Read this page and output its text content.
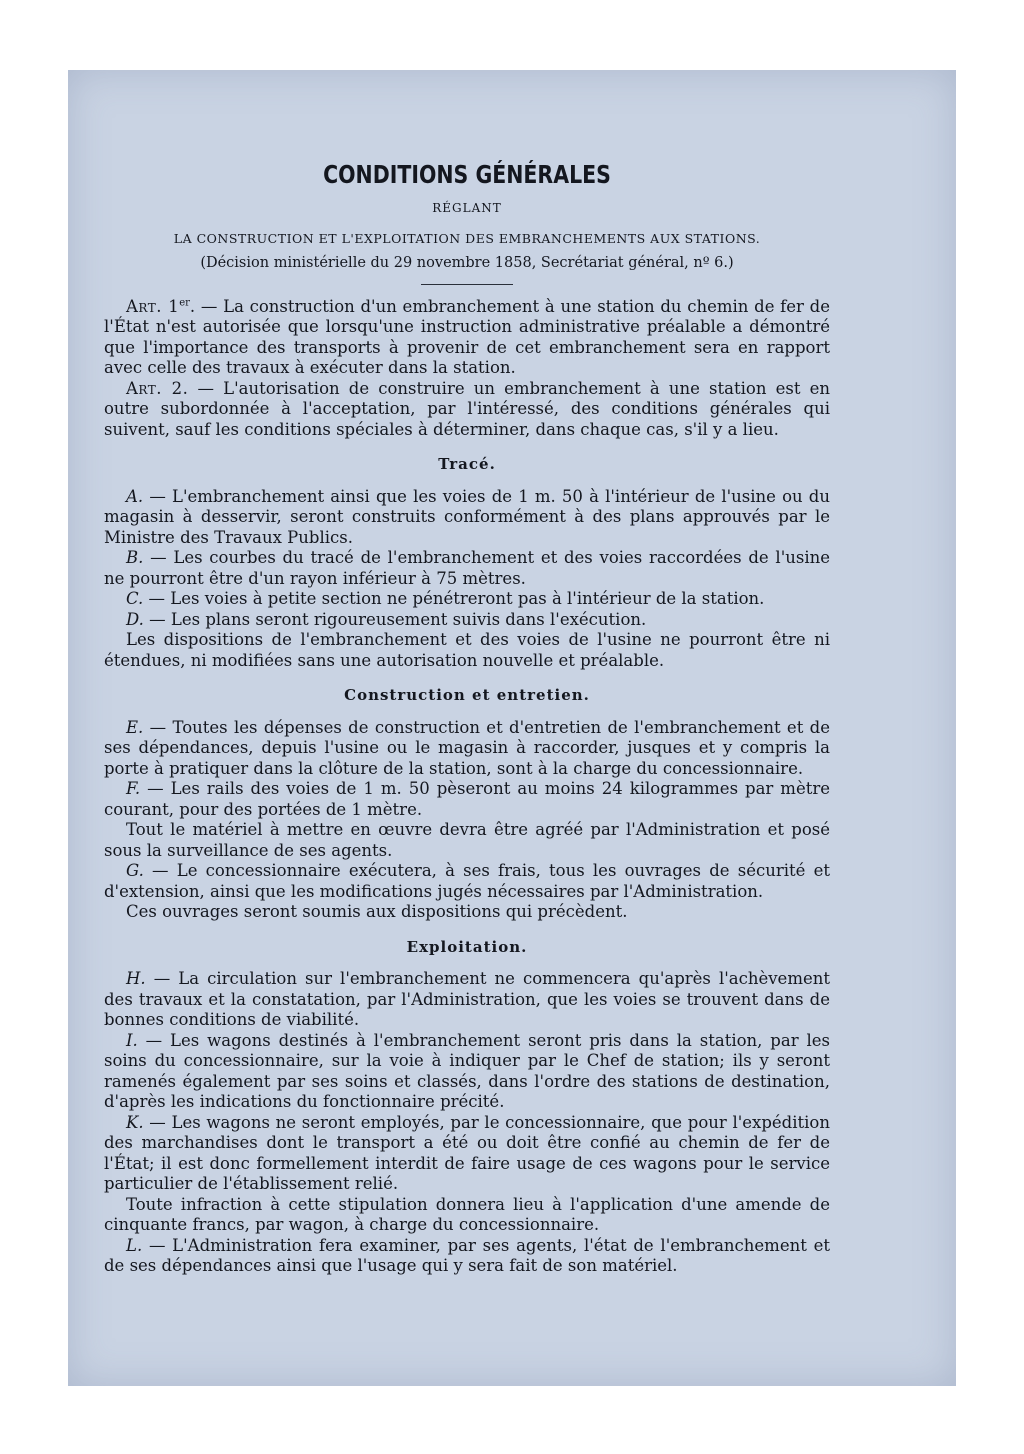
CONDITIONS GÉNÉRALES
RÉGLANT
LA CONSTRUCTION ET L'EXPLOITATION DES EMBRANCHEMENTS AUX STATIONS.
(Décision ministérielle du 29 novembre 1858, Secrétariat général, nº 6.)

Art. 1er. — La construction d'un embranchement à une station du chemin de fer de l'État n'est autorisée que lorsqu'une instruction administrative préalable a démontré que l'importance des transports à provenir de cet embranchement sera en rapport avec celle des travaux à exécuter dans la station.

Art. 2. — L'autorisation de construire un embranchement à une station est en outre subordonnée à l'acceptation, par l'intéressé, des conditions générales qui suivent, sauf les conditions spéciales à déterminer, dans chaque cas, s'il y a lieu.

Tracé.

A. — L'embranchement ainsi que les voies de 1 m. 50 à l'intérieur de l'usine ou du magasin à desservir, seront construits conformément à des plans approuvés par le Ministre des Travaux Publics.

B. — Les courbes du tracé de l'embranchement et des voies raccordées de l'usine ne pourront être d'un rayon inférieur à 75 mètres.

C. — Les voies à petite section ne pénétreront pas à l'intérieur de la station.

D. — Les plans seront rigoureusement suivis dans l'exécution.

Les dispositions de l'embranchement et des voies de l'usine ne pourront être ni étendues, ni modifiées sans une autorisation nouvelle et préalable.

Construction et entretien.

E. — Toutes les dépenses de construction et d'entretien de l'embranchement et de ses dépendances, depuis l'usine ou le magasin à raccorder, jusques et y compris la porte à pratiquer dans la clôture de la station, sont à la charge du concessionnaire.

F. — Les rails des voies de 1 m. 50 pèseront au moins 24 kilogrammes par mètre courant, pour des portées de 1 mètre.

Tout le matériel à mettre en œuvre devra être agréé par l'Administration et posé sous la surveillance de ses agents.

G. — Le concessionnaire exécutera, à ses frais, tous les ouvrages de sécurité et d'extension, ainsi que les modifications jugés nécessaires par l'Administration.

Ces ouvrages seront soumis aux dispositions qui précèdent.

Exploitation.

H. — La circulation sur l'embranchement ne commencera qu'après l'achèvement des travaux et la constatation, par l'Administration, que les voies se trouvent dans de bonnes conditions de viabilité.

I. — Les wagons destinés à l'embranchement seront pris dans la station, par les soins du concessionnaire, sur la voie à indiquer par le Chef de station; ils y seront ramenés également par ses soins et classés, dans l'ordre des stations de destination, d'après les indications du fonctionnaire précité.

K. — Les wagons ne seront employés, par le concessionnaire, que pour l'expédition des marchandises dont le transport a été ou doit être confié au chemin de fer de l'État; il est donc formellement interdit de faire usage de ces wagons pour le service particulier de l'établissement relié.

Toute infraction à cette stipulation donnera lieu à l'application d'une amende de cinquante francs, par wagon, à charge du concessionnaire.

L. — L'Administration fera examiner, par ses agents, l'état de l'embranchement et de ses dépendances ainsi que l'usage qui y sera fait de son matériel.
